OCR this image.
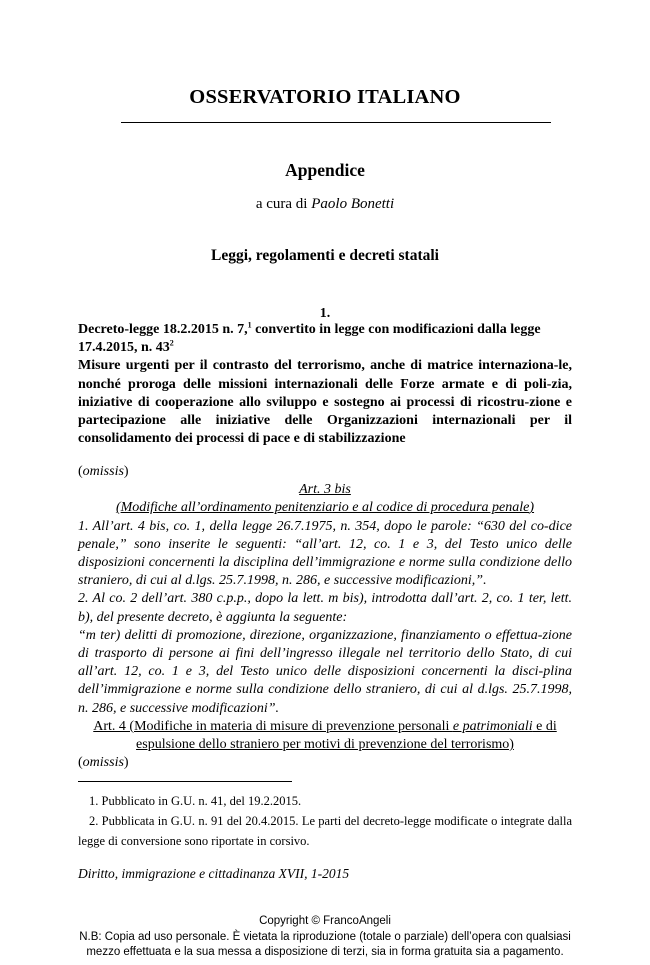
OSSERVATORIO ITALIANO
Appendice
a cura di Paolo Bonetti
Leggi, regolamenti e decreti statali
1.

Decreto-legge 18.2.2015 n. 7,$^1$ convertito in legge con modificazioni dalla legge

17.4.2015, n. $43^2$

Misure urgenti per il contrasto del terrorismo, anche di matrice internaziona-le, nonché proroga delle missioni internazionali delle Forze armate e di poli-zia, iniziative di cooperazione allo sviluppo e sostegno ai processi di ricostru-zione e partecipazione alle iniziative delle Organizzazioni internazionali per il consolidamento dei processi di pace e di stabilizzazione

(omissis)

Art. 3 bis

(Modifiche all’ordinamento penitenziario e al codice di procedura penale)

1. All’art. 4 bis, co. 1, della legge 26.7.1975, n. 354, dopo le parole: “630 del co-dice penale,” sono inserite le seguenti: “all’art. 12, co. 1 e 3, del Testo unico delle disposizioni concernenti la disciplina dell’immigrazione e norme sulla condizione dello straniero, di cui al d.lgs. 25.7.1998, n. 286, e successive modificazioni,”.

2. Al co. 2 dell’art. 380 c.p.p., dopo la lett. m bis), introdotta dall’art. 2, co. 1 ter, lett. b), del presente decreto, è aggiunta la seguente:

“m ter) delitti di promozione, direzione, organizzazione, finanziamento o effettua-zione di trasporto di persone ai fini dell’ingresso illegale nel territorio dello Stato, di cui all’art. 12, co. 1 e 3, del Testo unico delle disposizioni concernenti la disci-plina dell’immigrazione e norme sulla condizione dello straniero, di cui al d.lgs. 25.7.1998, n. 286, e successive modificazioni”.

Art. 4 (Modifiche in materia di misure di prevenzione personali e patrimoniali e di

espulsione dello straniero per motivi di prevenzione del terrorismo)

(omissis)

1. Pubblicato in G.U. n. 41, del 19.2.2015.

2. Pubblicata in G.U. n. 91 del 20.4.2015. Le parti del decreto-legge modificate o integrate dalla legge di conversione sono riportate in corsivo.

Diritto, immigrazione e cittadinanza XVII, 1-2015

Copyright © FrancoAngeli

N.B: Copia ad uso personale. È vietata la riproduzione (totale o parziale) dell’opera con qualsiasi

mezzo effettuata e la sua messa a disposizione di terzi, sia in forma gratuita sia a pagamento.
